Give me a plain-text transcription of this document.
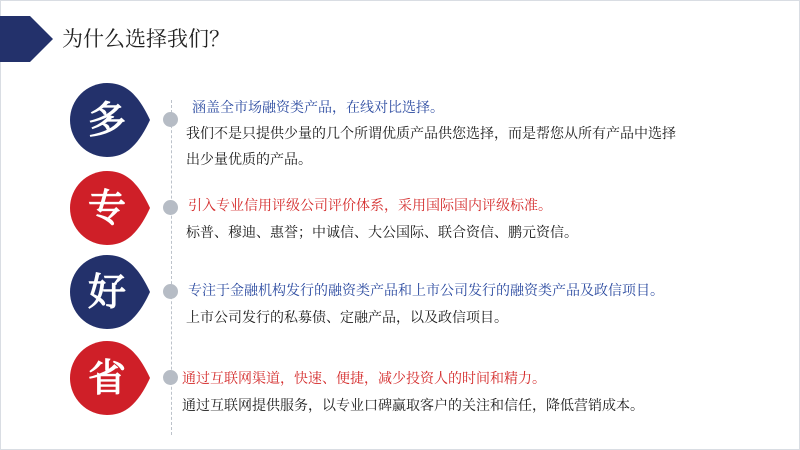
为什么选择我们？
多	涵盖全市场融资类产品，在线对比选择。
我们不是只提供少量的几个所谓优质产品供您选择，而是帮您从所有产品中选择
出少量优质的产品。
专	引入专业信用评级公司评价体系，采用国际国内评级标准。
标普、穆迪、惠誉；中诚信、大公国际、联合资信、鹏元资信。
好	专注于金融机构发行的融资类产品和上市公司发行的融资类产品及政信项目。
上市公司发行的私募债、定融产品，以及政信项目。
省	通过互联网渠道，快速、便捷，减少投资人的时间和精力。
通过互联网提供服务，以专业口碑赢取客户的关注和信任，降低营销成本。
